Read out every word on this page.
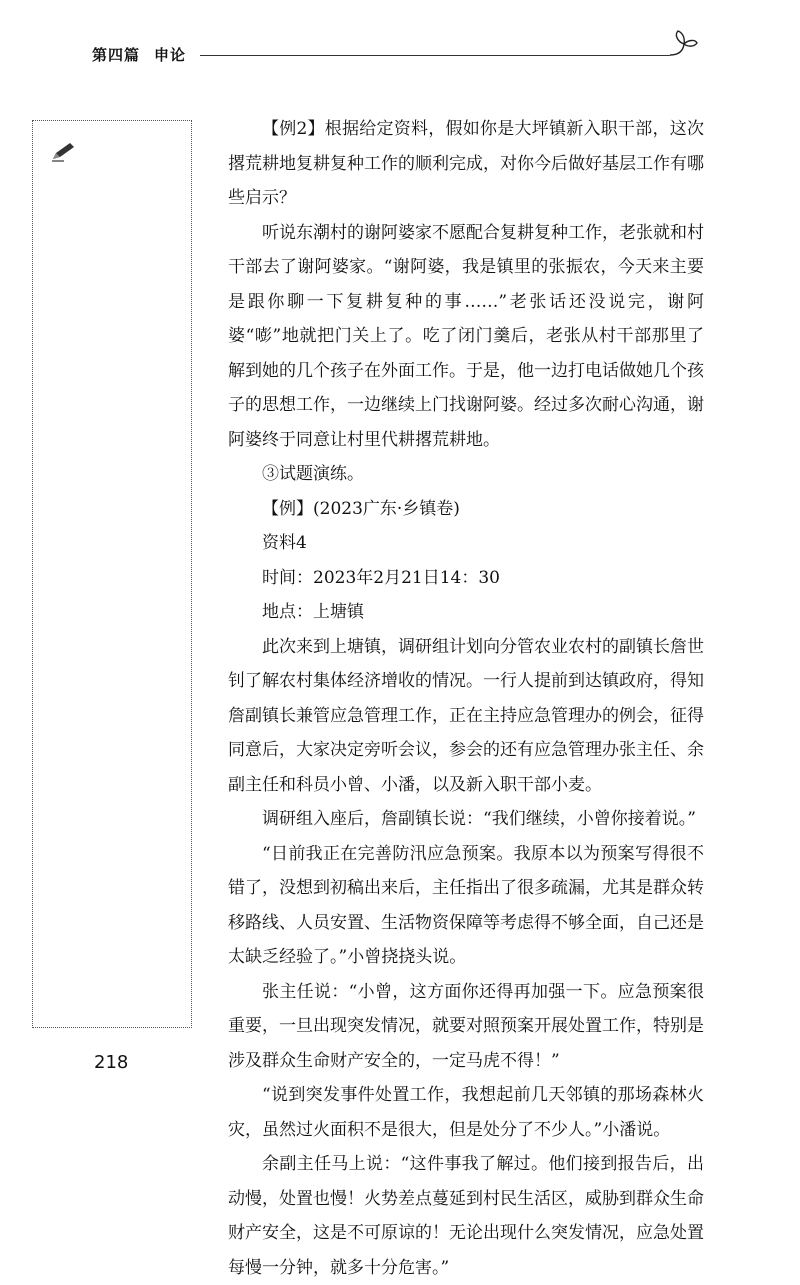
第四篇 申论

【例2】根据给定资料，假如你是大坪镇新入职干部，这次撂荒耕地复耕复种工作的顺利完成，对你今后做好基层工作有哪些启示？

听说东潮村的谢阿婆家不愿配合复耕复种工作，老张就和村干部去了谢阿婆家。“谢阿婆，我是镇里的张振农，今天来主要是跟你聊一下复耕复种的事……”老张话还没说完，谢阿婆“嘭”地就把门关上了。吃了闭门羹后，老张从村干部那里了解到她的几个孩子在外面工作。于是，他一边打电话做她几个孩子的思想工作，一边继续上门找谢阿婆。经过多次耐心沟通，谢阿婆终于同意让村里代耕撂荒耕地。

③试题演练。

【例】(2023广东·乡镇卷)

资料4

时间：2023年2月21日14：30

地点：上塘镇

此次来到上塘镇，调研组计划向分管农业农村的副镇长詹世钊了解农村集体经济增收的情况。一行人提前到达镇政府，得知詹副镇长兼管应急管理工作，正在主持应急管理办的例会，征得同意后，大家决定旁听会议，参会的还有应急管理办张主任、余副主任和科员小曾、小潘，以及新入职干部小麦。

调研组入座后，詹副镇长说：“我们继续，小曾你接着说。”

“日前我正在完善防汛应急预案。我原本以为预案写得很不错了，没想到初稿出来后，主任指出了很多疏漏，尤其是群众转移路线、人员安置、生活物资保障等考虑得不够全面，自己还是太缺乏经验了。”小曾挠挠头说。

张主任说：“小曾，这方面你还得再加强一下。应急预案很重要，一旦出现突发情况，就要对照预案开展处置工作，特别是涉及群众生命财产安全的，一定马虎不得！”

“说到突发事件处置工作，我想起前几天邻镇的那场森林火灾，虽然过火面积不是很大，但是处分了不少人。”小潘说。

余副主任马上说：“这件事我了解过。他们接到报告后，出动慢，处置也慢！火势差点蔓延到村民生活区，威胁到群众生命财产安全，这是不可原谅的！无论出现什么突发情况，应急处置每慢一分钟，就多十分危害。”

218
